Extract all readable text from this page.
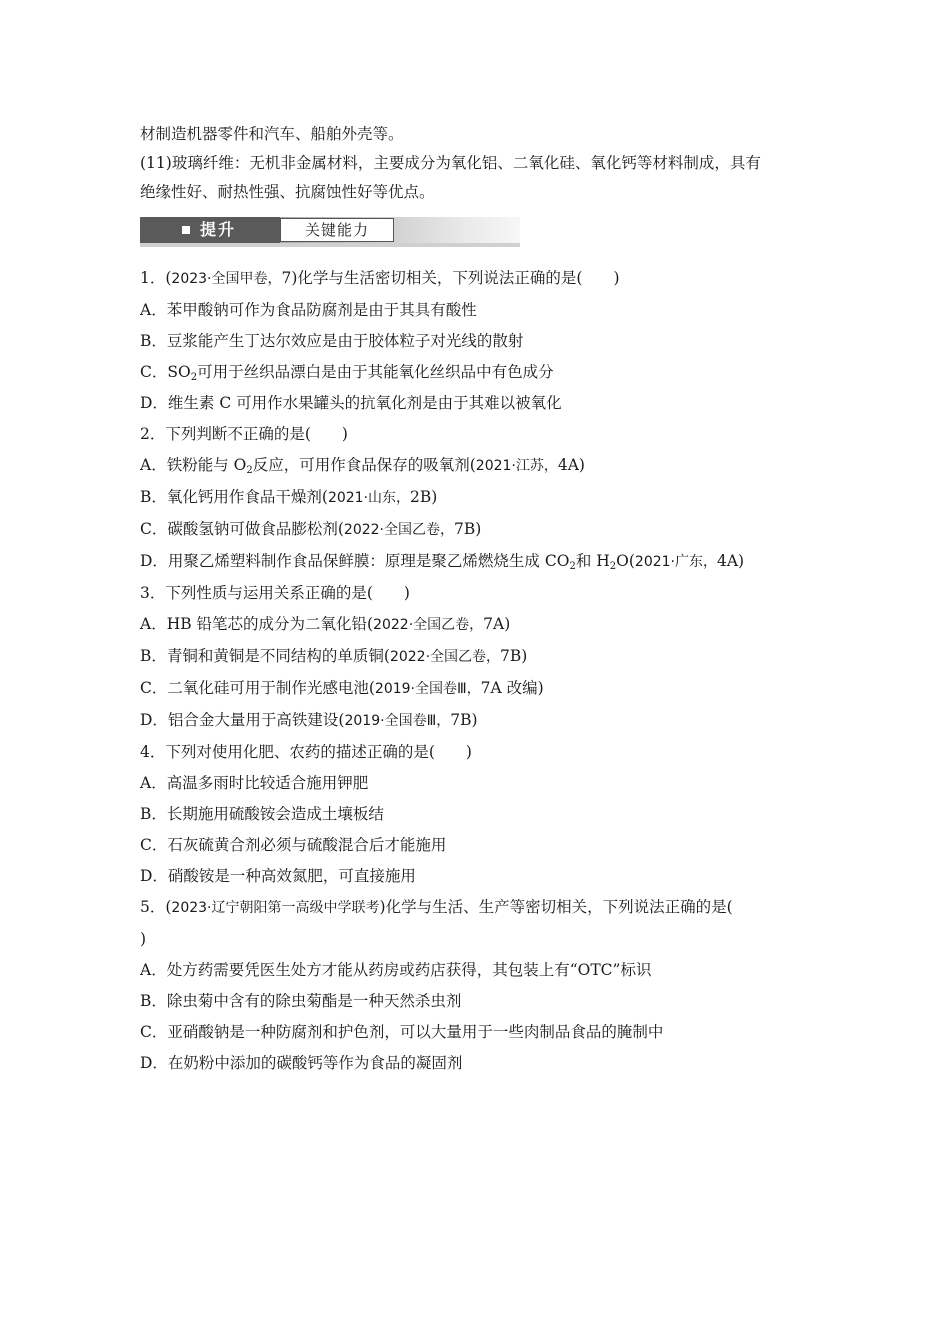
材制造机器零件和汽车、船舶外壳等。
(11)玻璃纤维：无机非金属材料，主要成分为氧化铝、二氧化硅、氧化钙等材料制成，具有
绝缘性好、耐热性强、抗腐蚀性好等优点。
提升	关键能力
1．(2023·全国甲卷，7)化学与生活密切相关，下列说法正确的是(　　)
A．苯甲酸钠可作为食品防腐剂是由于其具有酸性
B．豆浆能产生丁达尔效应是由于胶体粒子对光线的散射
C．$SO_2$可用于丝织品漂白是由于其能氧化丝织品中有色成分
D．维生素 C 可用作水果罐头的抗氧化剂是由于其难以被氧化
2．下列判断不正确的是(　　)
A．铁粉能与 $O_2$反应，可用作食品保存的吸氧剂(2021·江苏，4A)
B．氧化钙用作食品干燥剂(2021·山东，2B)
C．碳酸氢钠可做食品膨松剂(2022·全国乙卷，7B)
D．用聚乙烯塑料制作食品保鲜膜：原理是聚乙烯燃烧生成 $CO_2$和 $H_2O(2021\cdot$广东，4A)
3．下列性质与运用关系正确的是(　　)
A．HB 铅笔芯的成分为二氧化铅(2022·全国乙卷，7A)
B．青铜和黄铜是不同结构的单质铜(2022·全国乙卷，7B)
C．二氧化硅可用于制作光感电池(2019·全国卷Ⅲ，7A 改编)
D．铝合金大量用于高铁建设(2019·全国卷Ⅲ，7B)
4．下列对使用化肥、农药的描述正确的是(　　)
A．高温多雨时比较适合施用钾肥
B．长期施用硫酸铵会造成土壤板结
C．石灰硫黄合剂必须与硫酸混合后才能施用
D．硝酸铵是一种高效氮肥，可直接施用
5．(2023·辽宁朝阳第一高级中学联考)化学与生活、生产等密切相关，下列说法正确的是(
)
A．处方药需要凭医生处方才能从药房或药店获得，其包装上有“OTC”标识
B．除虫菊中含有的除虫菊酯是一种天然杀虫剂
C．亚硝酸钠是一种防腐剂和护色剂，可以大量用于一些肉制品食品的腌制中
D．在奶粉中添加的碳酸钙等作为食品的凝固剂
